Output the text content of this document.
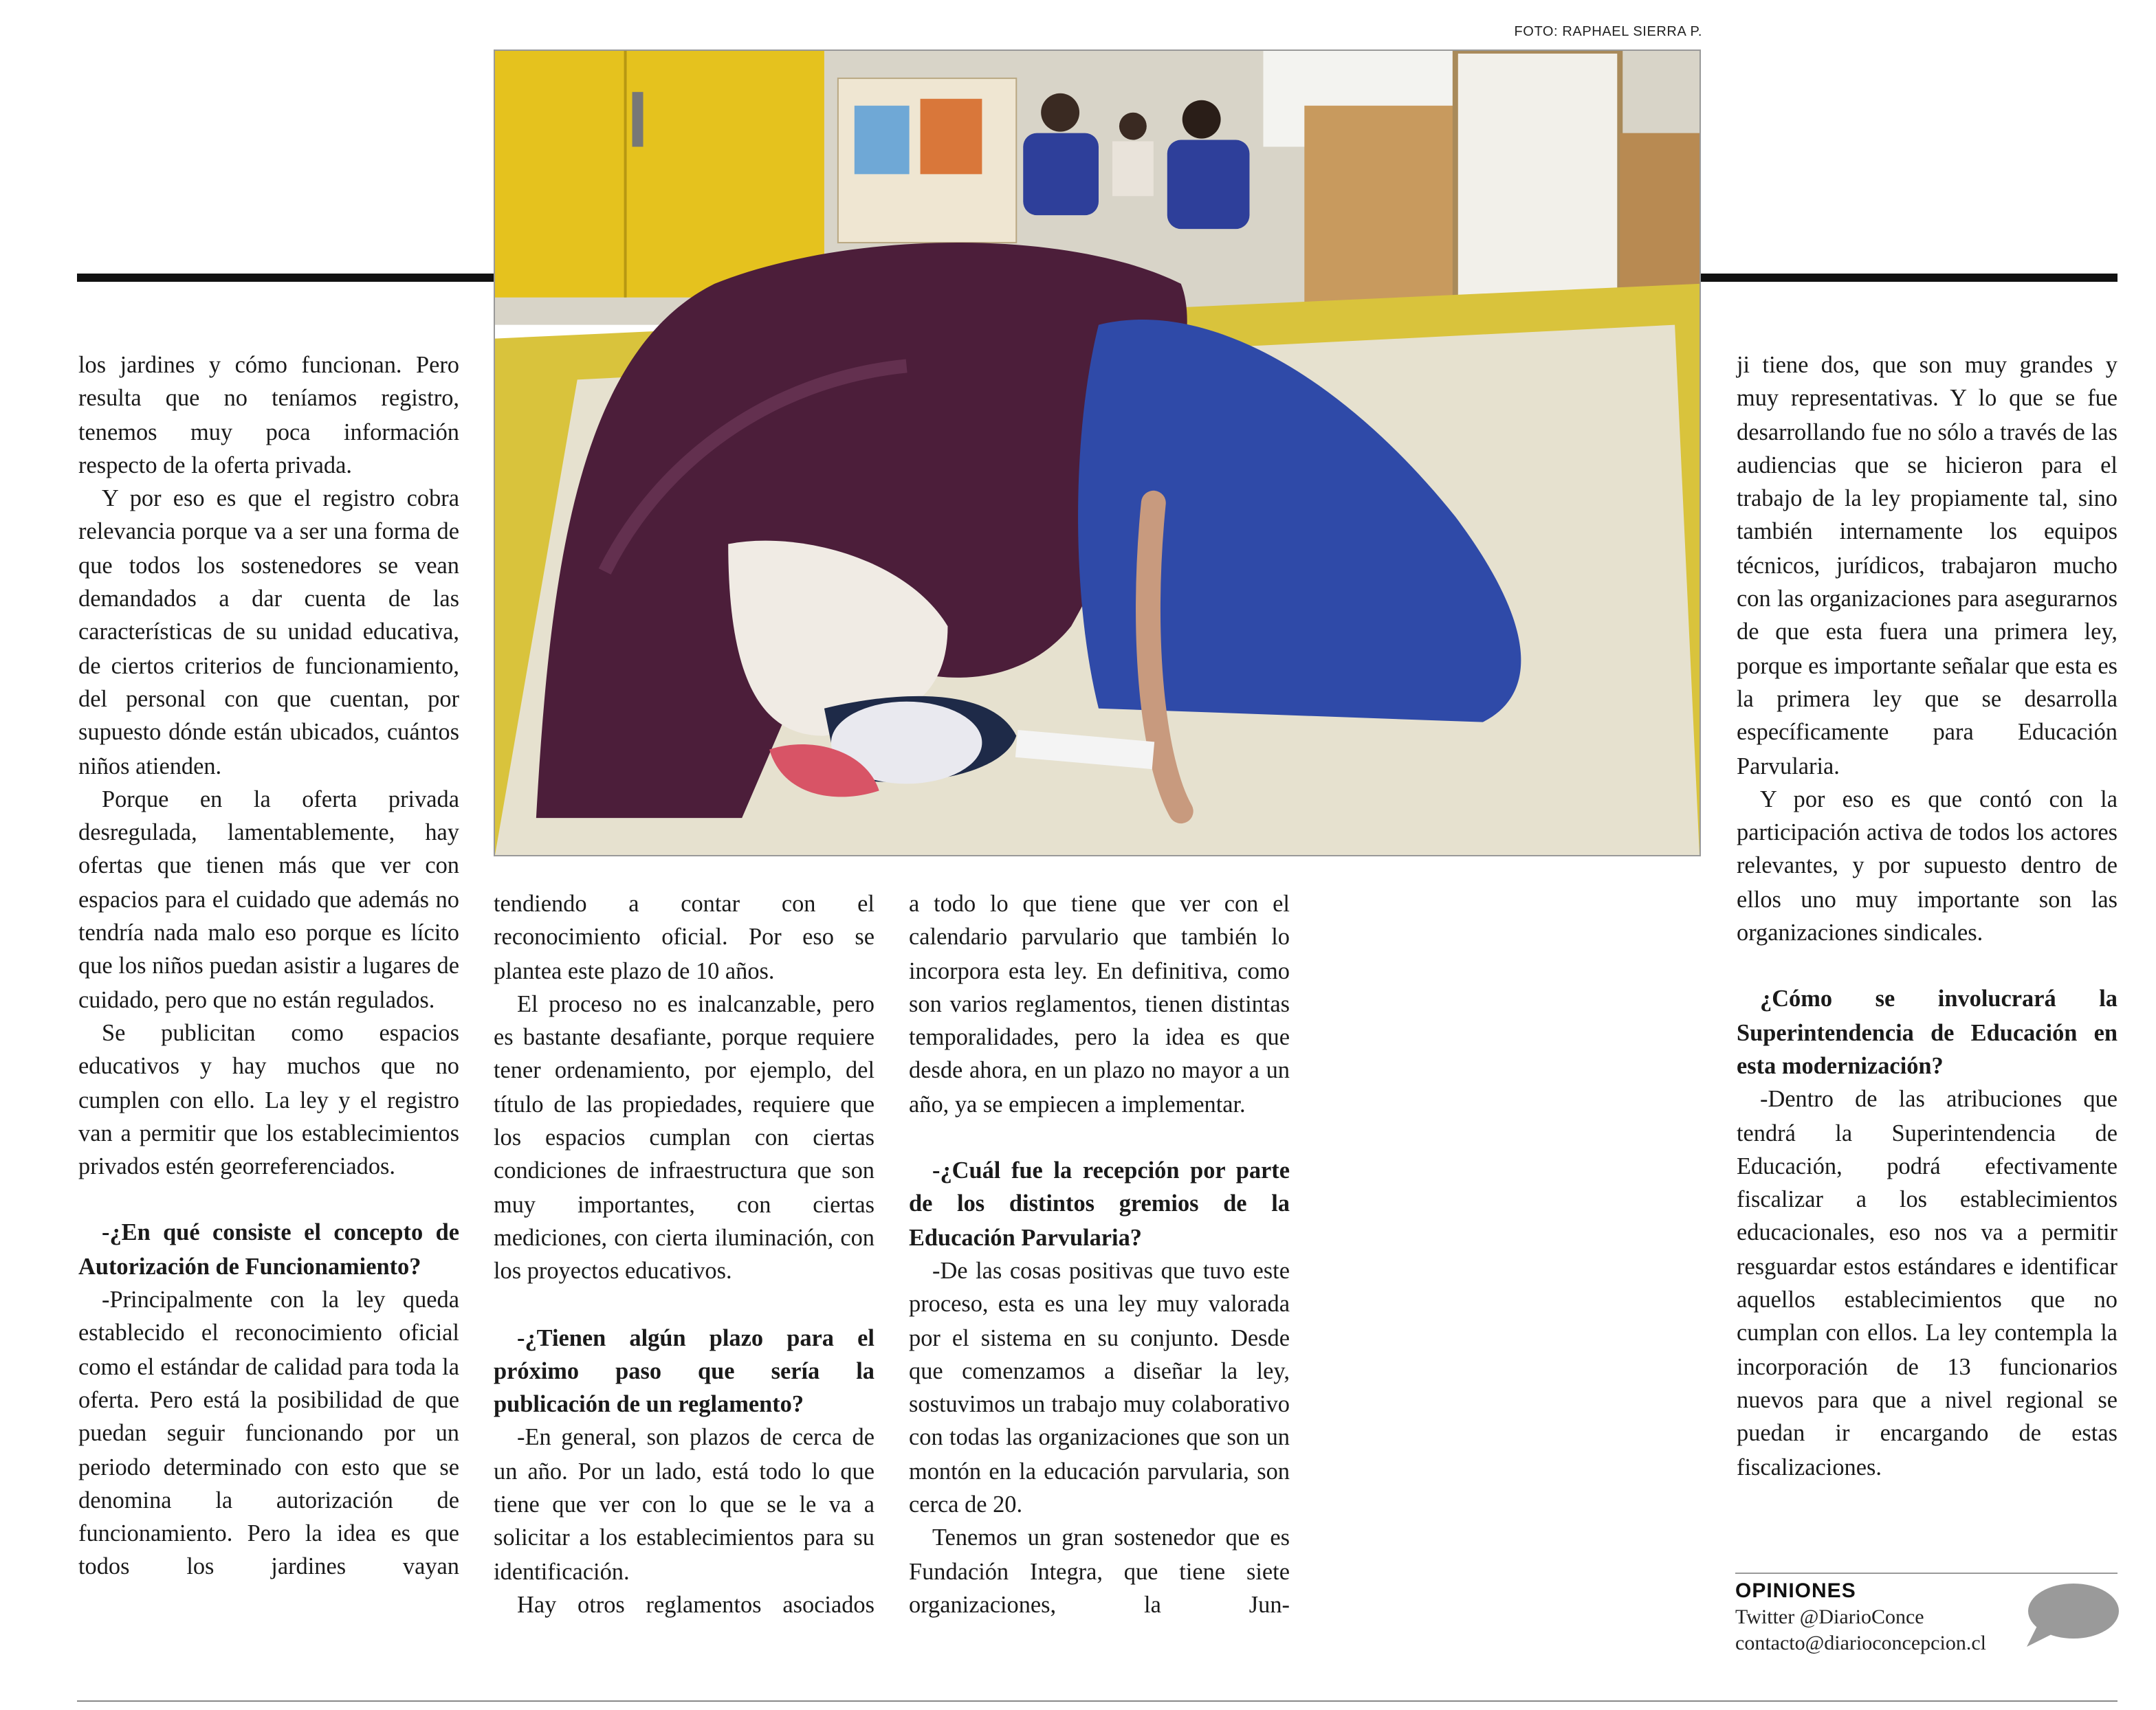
FOTO: RAPHAEL SIERRA P.

los jardines y cómo funcionan. Pero resulta que no teníamos registro, tenemos muy poca información respecto de la oferta privada.

Y por eso es que el registro cobra relevancia porque va a ser una forma de que todos los sostenedores se vean demandados a dar cuenta de las características de su unidad educativa, de ciertos criterios de funcionamiento, del personal con que cuentan, por supuesto dónde están ubicados, cuántos niños atienden.

Porque en la oferta privada desregulada, lamentablemente, hay ofertas que tienen más que ver con espacios para el cuidado que además no tendría nada malo eso porque es lícito que los niños puedan asistir a lugares de cuidado, pero que no están regulados.

Se publicitan como espacios educativos y hay muchos que no cumplen con ello. La ley y el registro van a permitir que los establecimientos privados estén georreferenciados.

-¿En qué consiste el concepto de Autorización de Funcionamiento?

-Principalmente con la ley queda establecido el reconocimiento oficial como el estándar de calidad para toda la oferta. Pero está la posibilidad de que puedan seguir funcionando por un periodo determinado con esto que se denomina la autorización de funcionamiento. Pero la idea es que todos los jardines vayan

tendiendo a contar con el reconocimiento oficial. Por eso se plantea este plazo de 10 años.

El proceso no es inalcanzable, pero es bastante desafiante, porque requiere tener ordenamiento, por ejemplo, del título de las propiedades, requiere que los espacios cumplan con ciertas condiciones de infraestructura que son muy importantes, con ciertas mediciones, con cierta iluminación, con los proyectos educativos.

-¿Tienen algún plazo para el próximo paso que sería la publicación de un reglamento?

-En general, son plazos de cerca de un año. Por un lado, está todo lo que tiene que ver con lo que se le va a solicitar a los establecimientos para su identificación.

Hay otros reglamentos asociados

a todo lo que tiene que ver con el calendario parvulario que también lo incorpora esta ley. En definitiva, como son varios reglamentos, tienen distintas temporalidades, pero la idea es que desde ahora, en un plazo no mayor a un año, ya se empiecen a implementar.

-¿Cuál fue la recepción por parte de los distintos gremios de la Educación Parvularia?

-De las cosas positivas que tuvo este proceso, esta es una ley muy valorada por el sistema en su conjunto. Desde que comenzamos a diseñar la ley, sostuvimos un trabajo muy colaborativo con todas las organizaciones que son un montón en la educación parvularia, son cerca de 20.

Tenemos un gran sostenedor que es Fundación Integra, que tiene siete organizaciones, la Jun-

ji tiene dos, que son muy grandes y muy representativas. Y lo que se fue desarrollando fue no sólo a través de las audiencias que se hicieron para el trabajo de la ley propiamente tal, sino también internamente los equipos técnicos, jurídicos, trabajaron mucho con las organizaciones para asegurarnos de que esta fuera una primera ley, porque es importante señalar que esta es la primera ley que se desarrolla específicamente para Educación Parvularia.

Y por eso es que contó con la participación activa de todos los actores relevantes, y por supuesto dentro de ellos uno muy importante son las organizaciones sindicales.

¿Cómo se involucrará la Superintendencia de Educación en esta modernización?

-Dentro de las atribuciones que tendrá la Superintendencia de Educación, podrá efectivamente fiscalizar a los establecimientos educacionales, eso nos va a permitir resguardar estos estándares e identificar aquellos establecimientos que no cumplan con ellos. La ley contempla la incorporación de 13 funcionarios nuevos para que a nivel regional se puedan ir encargando de estas fiscalizaciones.

OPINIONES
Twitter @DiarioConce
contacto@diarioconcepcion.cl
